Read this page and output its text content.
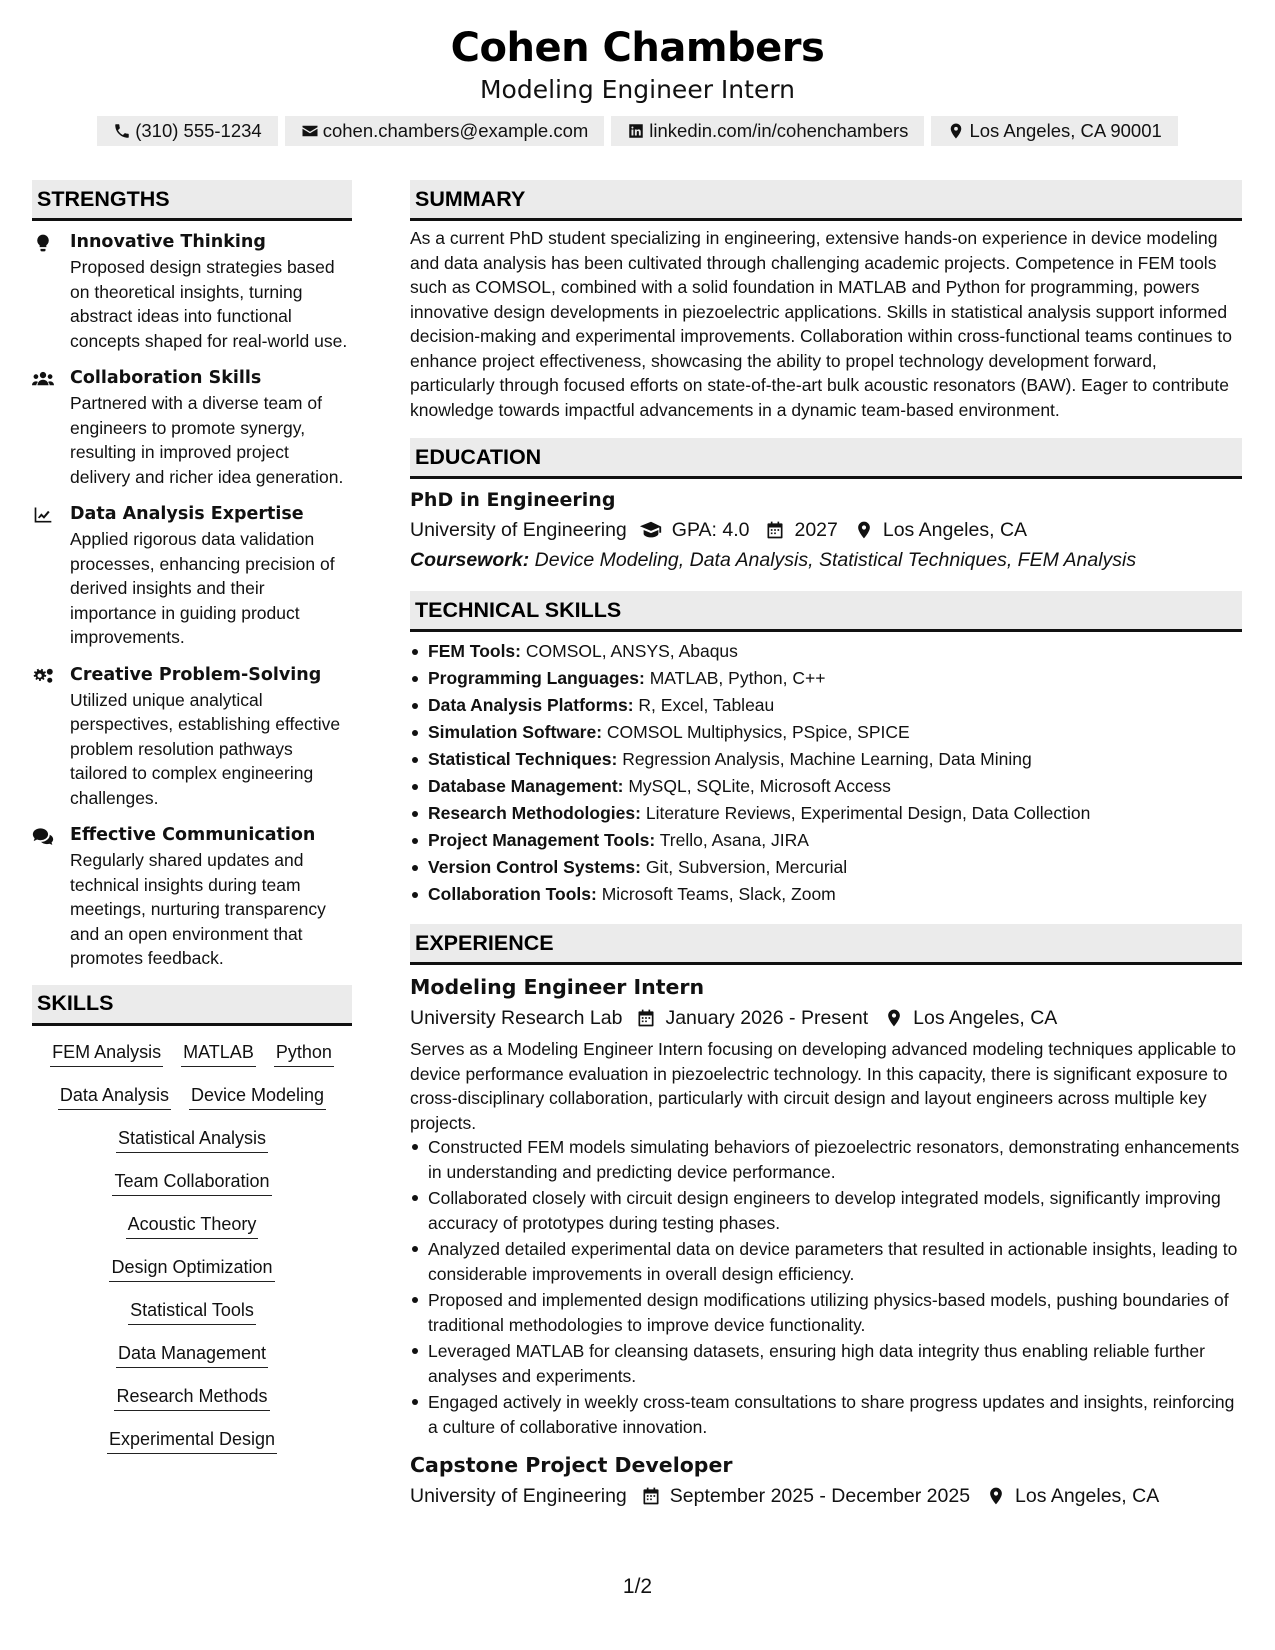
Cohen Chambers
Modeling Engineer Intern
(310) 555-1234	cohen.chambers@example.com	linkedin.com/in/cohenchambers	Los Angeles, CA 90001
STRENGTHS
Innovative Thinking
Proposed design strategies based on theoretical insights, turning abstract ideas into functional concepts shaped for real-world use.
Collaboration Skills
Partnered with a diverse team of engineers to promote synergy, resulting in improved project delivery and richer idea generation.
Data Analysis Expertise
Applied rigorous data validation processes, enhancing precision of derived insights and their importance in guiding product improvements.
Creative Problem-Solving
Utilized unique analytical perspectives, establishing effective problem resolution pathways tailored to complex engineering challenges.
Effective Communication
Regularly shared updates and technical insights during team meetings, nurturing transparency and an open environment that promotes feedback.
SKILLS
FEM Analysis MATLAB Python
Data Analysis Device Modeling
Statistical Analysis
Team Collaboration
Acoustic Theory
Design Optimization
Statistical Tools
Data Management
Research Methods
Experimental Design
SUMMARY
As a current PhD student specializing in engineering, extensive hands-on experience in device modeling and data analysis has been cultivated through challenging academic projects. Competence in FEM tools such as COMSOL, combined with a solid foundation in MATLAB and Python for programming, powers innovative design developments in piezoelectric applications. Skills in statistical analysis support informed decision-making and experimental improvements. Collaboration within cross-functional teams continues to enhance project effectiveness, showcasing the ability to propel technology development forward, particularly through focused efforts on state-of-the-art bulk acoustic resonators (BAW). Eager to contribute knowledge towards impactful advancements in a dynamic team-based environment.
EDUCATION
PhD in Engineering
University of Engineering GPA: 4.0 2027 Los Angeles, CA
Coursework: Device Modeling, Data Analysis, Statistical Techniques, FEM Analysis
TECHNICAL SKILLS
FEM Tools: COMSOL, ANSYS, Abaqus
Programming Languages: MATLAB, Python, C++
Data Analysis Platforms: R, Excel, Tableau
Simulation Software: COMSOL Multiphysics, PSpice, SPICE
Statistical Techniques: Regression Analysis, Machine Learning, Data Mining
Database Management: MySQL, SQLite, Microsoft Access
Research Methodologies: Literature Reviews, Experimental Design, Data Collection
Project Management Tools: Trello, Asana, JIRA
Version Control Systems: Git, Subversion, Mercurial
Collaboration Tools: Microsoft Teams, Slack, Zoom
EXPERIENCE
Modeling Engineer Intern
University Research Lab January 2026 - Present Los Angeles, CA
Serves as a Modeling Engineer Intern focusing on developing advanced modeling techniques applicable to device performance evaluation in piezoelectric technology. In this capacity, there is significant exposure to cross-disciplinary collaboration, particularly with circuit design and layout engineers across multiple key projects.
Constructed FEM models simulating behaviors of piezoelectric resonators, demonstrating enhancements in understanding and predicting device performance.
Collaborated closely with circuit design engineers to develop integrated models, significantly improving accuracy of prototypes during testing phases.
Analyzed detailed experimental data on device parameters that resulted in actionable insights, leading to considerable improvements in overall design efficiency.
Proposed and implemented design modifications utilizing physics-based models, pushing boundaries of traditional methodologies to improve device functionality.
Leveraged MATLAB for cleansing datasets, ensuring high data integrity thus enabling reliable further analyses and experiments.
Engaged actively in weekly cross-team consultations to share progress updates and insights, reinforcing a culture of collaborative innovation.
Capstone Project Developer
University of Engineering September 2025 - December 2025 Los Angeles, CA
1/2
